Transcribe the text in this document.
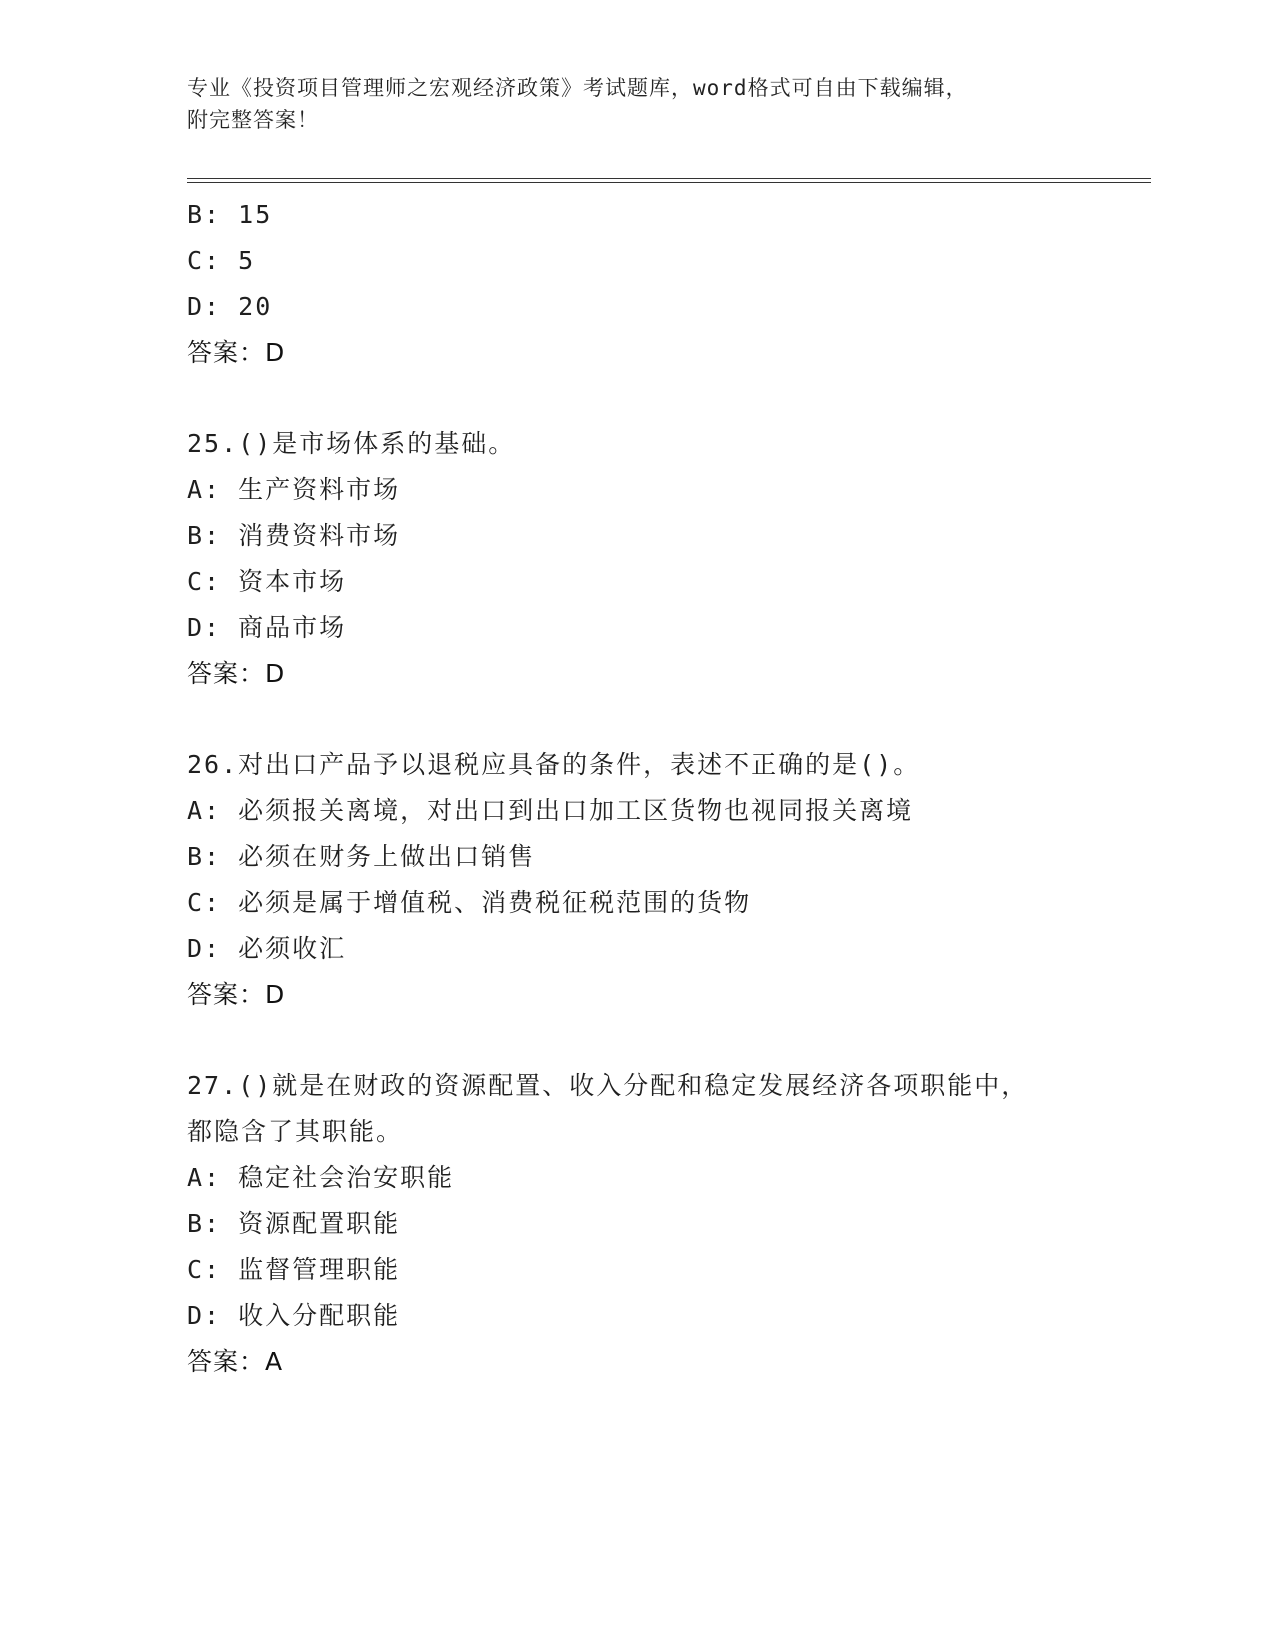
专业《投资项目管理师之宏观经济政策》考试题库，word格式可自由下载编辑，
附完整答案！
B: 15
C: 5
D: 20
答案：D
25.()是市场体系的基础。
A: 生产资料市场
B: 消费资料市场
C: 资本市场
D: 商品市场
答案：D
26.对出口产品予以退税应具备的条件，表述不正确的是()。
A: 必须报关离境，对出口到出口加工区货物也视同报关离境
B: 必须在财务上做出口销售
C: 必须是属于增值税、消费税征税范围的货物
D: 必须收汇
答案：D
27.()就是在财政的资源配置、收入分配和稳定发展经济各项职能中，
都隐含了其职能。
A: 稳定社会治安职能
B: 资源配置职能
C: 监督管理职能
D: 收入分配职能
答案：A
